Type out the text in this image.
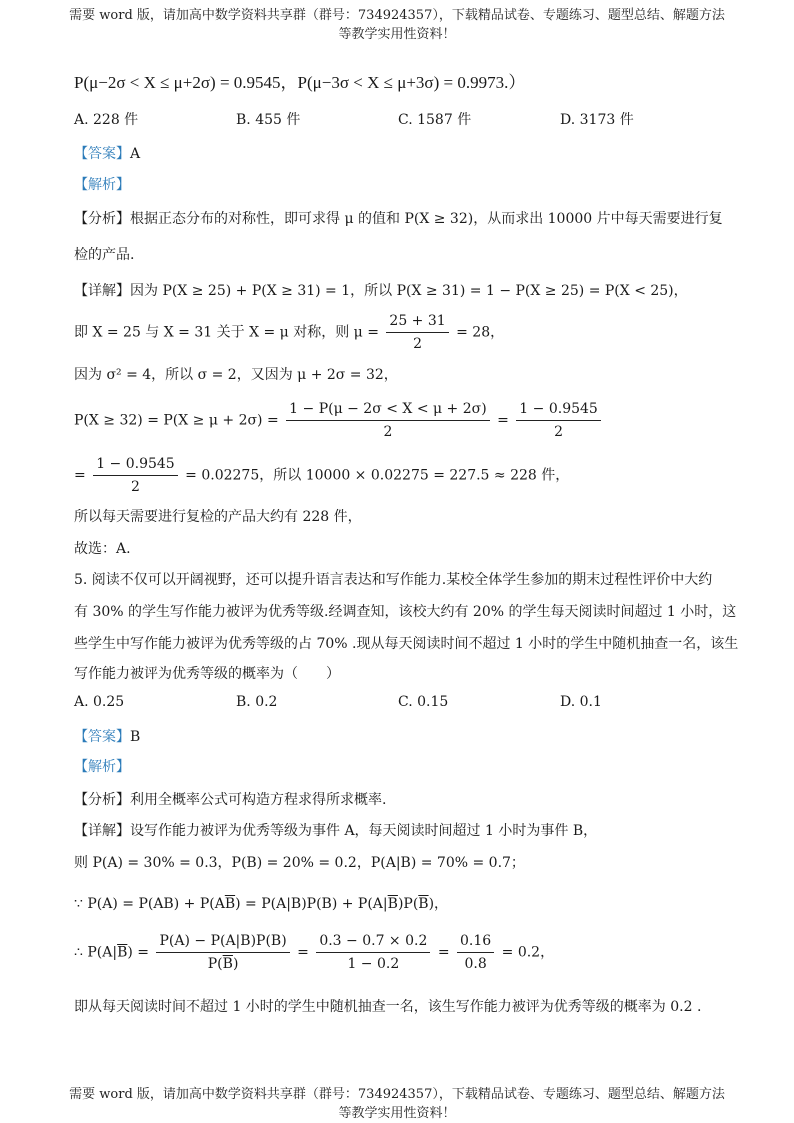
需要 word 版，请加高中数学资料共享群（群号：734924357），下载精品试卷、专题练习、题型总结、解题方法
等教学实用性资料！
P(μ−2σ < X ≤ μ+2σ) = 0.9545，P(μ−3σ < X ≤ μ+3σ) = 0.9973.）
A. 228 件	B. 455 件	C. 1587 件	D. 3173 件
【答案】A
【解析】
【分析】根据正态分布的对称性，即可求得 μ 的值和 P(X ≥ 32)，从而求出 10000 片中每天需要进行复
检的产品.
【详解】因为 P(X ≥ 25) + P(X ≥ 31) = 1，所以 P(X ≥ 31) = 1 − P(X ≥ 25) = P(X < 25)，
即 X = 25 与 X = 31 关于 X = μ 对称，则 $\mu = \frac{25 + 31}{2} = 28$，
因为 σ² = 4，所以 σ = 2，又因为 μ + 2σ = 32，
$P(X \ge 32) = P(X \ge \mu + 2\sigma) = \frac{1 - P(\mu - 2\sigma < X < \mu + 2\sigma)}{2} = \frac{1 - 0.9545}{2}$
= $\frac{1 - 0.9545}{2} = 0.02275$，所以 10000 × 0.02275 = 227.5 ≈ 228 件，
所以每天需要进行复检的产品大约有 228 件，
故选：A.
5. 阅读不仅可以开阔视野，还可以提升语言表达和写作能力.某校全体学生参加的期末过程性评价中大约
有 30% 的学生写作能力被评为优秀等级.经调查知，该校大约有 20% 的学生每天阅读时间超过 1 小时，这
些学生中写作能力被评为优秀等级的占 70% .现从每天阅读时间不超过 1 小时的学生中随机抽查一名，该生
写作能力被评为优秀等级的概率为（　　）
A. 0.25	B. 0.2	C. 0.15	D. 0.1
【答案】B
【解析】
【分析】利用全概率公式可构造方程求得所求概率.
【详解】设写作能力被评为优秀等级为事件 A，每天阅读时间超过 1 小时为事件 B，
则 P(A) = 30% = 0.3，P(B) = 20% = 0.2，P(A|B) = 70% = 0.7；
∵ $P(A) = P(AB) + P(A\overline{B}) = P(A|B)P(B) + P(A|\overline{B})P(\overline{B})$，
∴ $P(A|\overline{B}) = \frac{P(A) - P(A|B)P(B)}{P(\overline{B})} = \frac{0.3 - 0.7 \times 0.2}{1 - 0.2} = \frac{0.16}{0.8} = 0.2$，
即从每天阅读时间不超过 1 小时的学生中随机抽查一名，该生写作能力被评为优秀等级的概率为 0.2 .
需要 word 版，请加高中数学资料共享群（群号：734924357），下载精品试卷、专题练习、题型总结、解题方法
等教学实用性资料！
